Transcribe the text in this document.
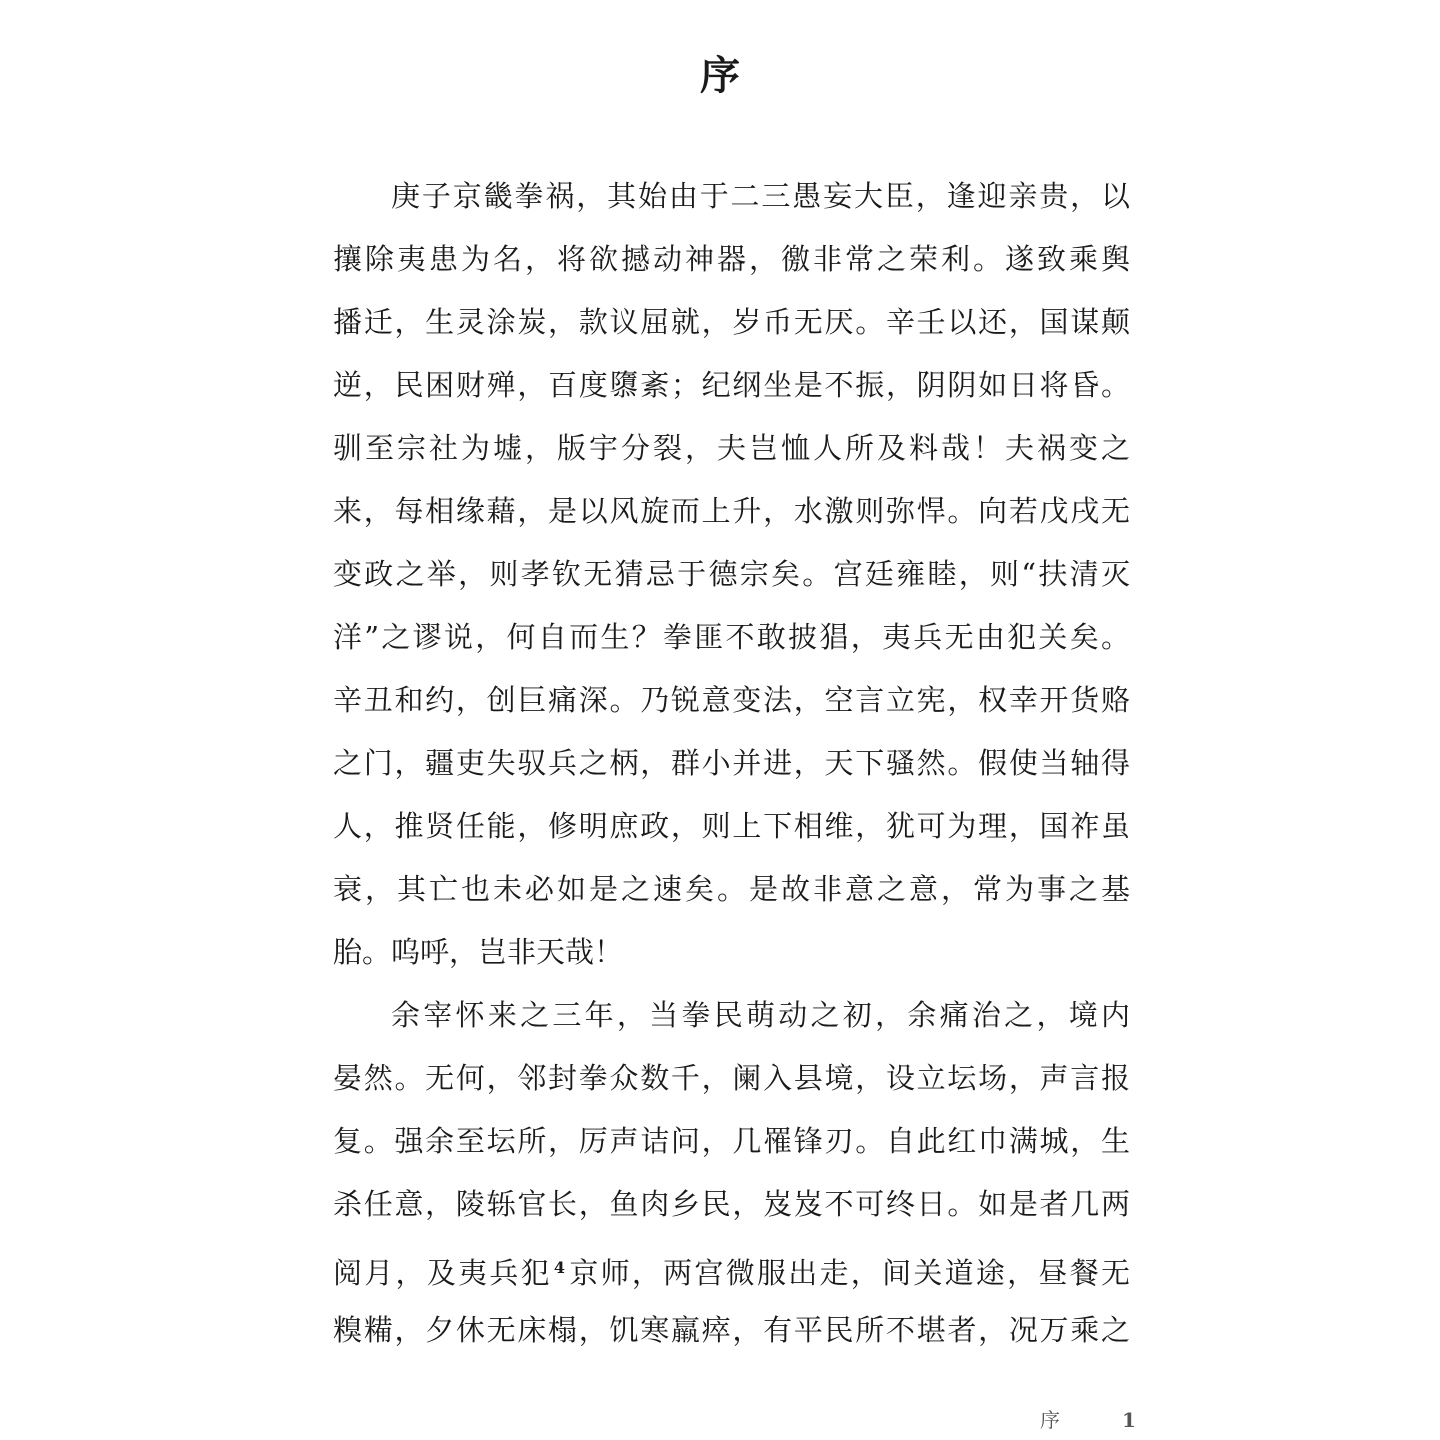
序
庚子京畿拳祸，其始由于二三愚妄大臣，逢迎亲贵，以
攘除夷患为名，将欲撼动神器，徼非常之荣利。遂致乘舆
播迁，生灵涂炭，款议屈就，岁币无厌。辛壬以还，国谋颠
逆，民困财殚，百度隳紊；纪纲坐是不振，阴阴如日将昏。
驯至宗社为墟，版宇分裂，夫岂恤人所及料哉！夫祸变之
来，每相缘藉，是以风旋而上升，水激则弥悍。向若戊戌无
变政之举，则孝钦无猜忌于德宗矣。宫廷雍睦，则“扶清灭
洋”之谬说，何自而生？拳匪不敢披猖，夷兵无由犯关矣。
辛丑和约，创巨痛深。乃锐意变法，空言立宪，权幸开货赂
之门，疆吏失驭兵之柄，群小并进，天下骚然。假使当轴得
人，推贤任能，修明庶政，则上下相维，犹可为理，国祚虽
衰，其亡也未必如是之速矣。是故非意之意，常为事之基
胎。呜呼，岂非天哉！
余宰怀来之三年，当拳民萌动之初，余痛治之，境内
晏然。无何，邻封拳众数千，阑入县境，设立坛场，声言报
复。强余至坛所，厉声诘问，几罹锋刃。自此红巾满城，生
杀任意，陵轹官长，鱼肉乡民，岌岌不可终日。如是者几两
阅月，及夷兵犯 $^4$京师，两宫微服出走，间关道途，昼餐无
糗糒，夕休无床榻，饥寒羸瘁，有平民所不堪者，况万乘之
序	1
